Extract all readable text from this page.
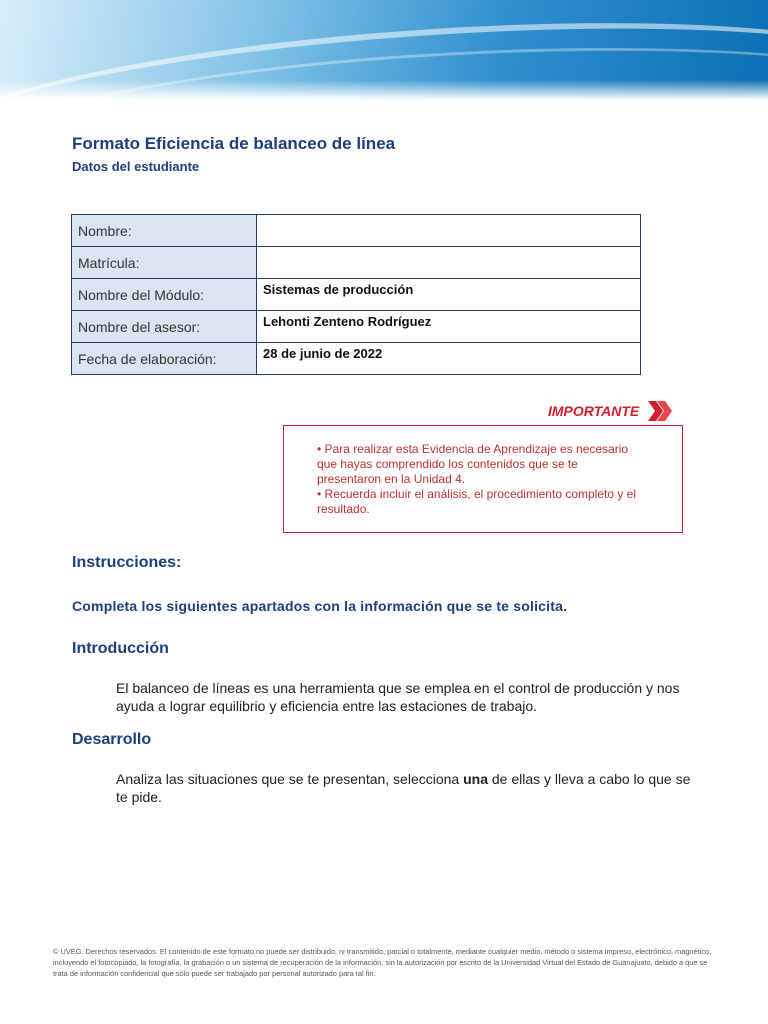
Formato Eficiencia de balanceo de línea
Datos del estudiante
Nombre:	
Matrícula:	
Nombre del Módulo:	Sistemas de producción
Nombre del asesor:	Lehonti Zenteno Rodríguez
Fecha de elaboración:	28 de junio de 2022
IMPORTANTE

• Para realizar esta Evidencia de Aprendizaje es necesario que hayas comprendido los contenidos que se te presentaron en la Unidad 4.

• Recuerda incluir el análisis, el procedimiento completo y el resultado.

Instrucciones:
Completa los siguientes apartados con la información que se te solicita.
Introducción
El balanceo de líneas es una herramienta que se emplea en el control de producción y nos ayuda a lograr equilibrio y eficiencia entre las estaciones de trabajo.
Desarrollo
Analiza las situaciones que se te presentan, selecciona una de ellas y lleva a cabo lo que se te pide.
© UVEG. Derechos reservados. El contenido de este formato no puede ser distribuido, ni transmitido, parcial o totalmente, mediante cualquier medio, método o sistema impreso, electrónico, magnético, incluyendo el fotocopiado, la fotografía, la grabación o un sistema de recuperación de la información, sin la autorización por escrito de la Universidad Virtual del Estado de Guanajuato, debido a que se trata de información confidencial que sólo puede ser trabajado por personal autorizado para tal fin.
